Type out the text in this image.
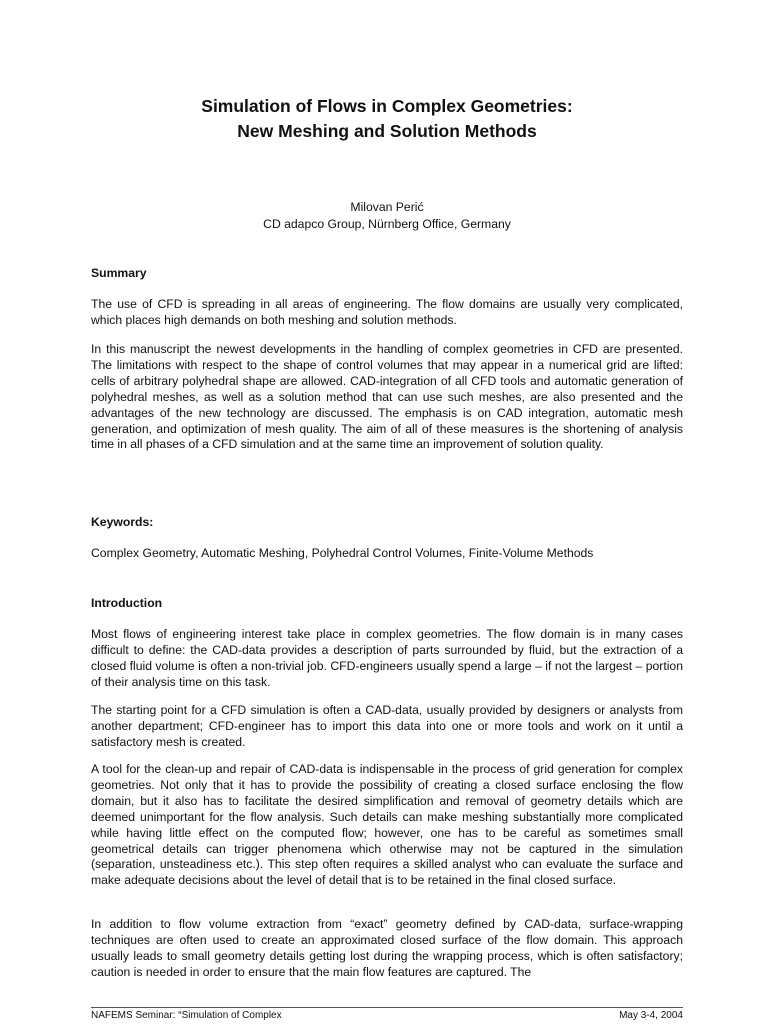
Simulation of Flows in Complex Geometries:
New Meshing and Solution Methods
Milovan Perić
CD adapco Group, Nürnberg Office, Germany
Summary

The use of CFD is spreading in all areas of engineering. The flow domains are usually very complicated, which places high demands on both meshing and solution methods.

In this manuscript the newest developments in the handling of complex geometries in CFD are presented. The limitations with respect to the shape of control volumes that may appear in a numerical grid are lifted: cells of arbitrary polyhedral shape are allowed. CAD-integration of all CFD tools and automatic generation of polyhedral meshes, as well as a solution method that can use such meshes, are also presented and the advantages of the new technology are discussed. The emphasis is on CAD integration, automatic mesh generation, and optimization of mesh quality. The aim of all of these measures is the shortening of analysis time in all phases of a CFD simulation and at the same time an improvement of solution quality.

Keywords:

Complex Geometry, Automatic Meshing, Polyhedral Control Volumes, Finite-Volume Methods

Introduction

Most flows of engineering interest take place in complex geometries. The flow domain is in many cases difficult to define: the CAD-data provides a description of parts surrounded by fluid, but the extraction of a closed fluid volume is often a non-trivial job. CFD-engineers usually spend a large – if not the largest – portion of their analysis time on this task.

The starting point for a CFD simulation is often a CAD-data, usually provided by designers or analysts from another department; CFD-engineer has to import this data into one or more tools and work on it until a satisfactory mesh is created.

A tool for the clean-up and repair of CAD-data is indispensable in the process of grid generation for complex geometries. Not only that it has to provide the possibility of creating a closed surface enclosing the flow domain, but it also has to facilitate the desired simplification and removal of geometry details which are deemed unimportant for the flow analysis. Such details can make meshing substantially more complicated while having little effect on the computed flow; however, one has to be careful as sometimes small geometrical details can trigger phenomena which otherwise may not be captured in the simulation (separation, unsteadiness etc.). This step often requires a skilled analyst who can evaluate the surface and make adequate decisions about the level of detail that is to be retained in the final closed surface.

In addition to flow volume extraction from “exact” geometry defined by CAD-data, surface-wrapping techniques are often used to create an approximated closed surface of the flow domain. This approach usually leads to small geometry details getting lost during the wrapping process, which is often satisfactory; caution is needed in order to ensure that the main flow features are captured. The

NAFEMS Seminar: “Simulation of Complex	May 3-4, 2004
